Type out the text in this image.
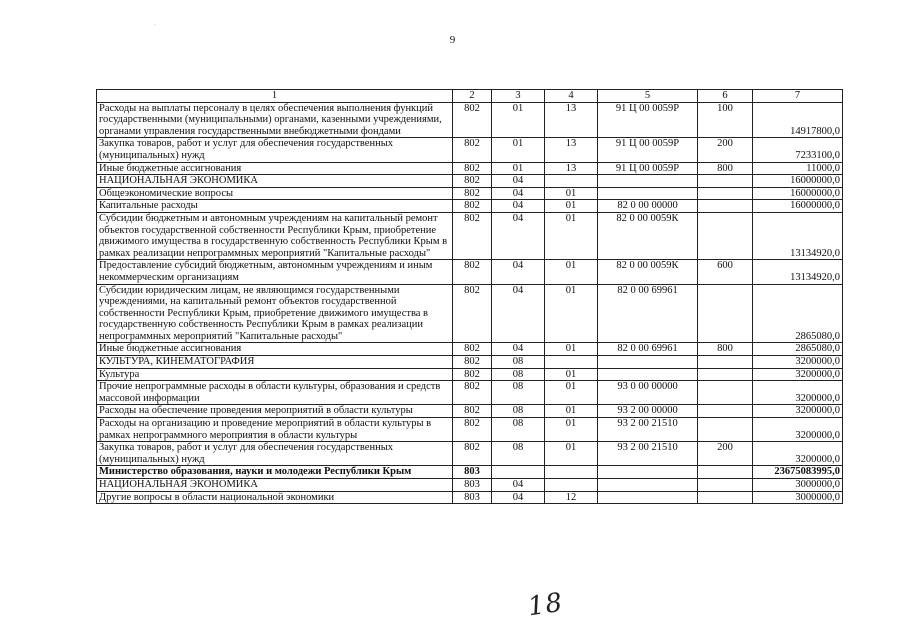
·
9
1	2	3	4	5	6	7
Расходы на выплаты персоналу в целях обеспечения выполнения функций государственными (муниципальными) органами, казенными учреждениями, органами управления государственными внебюджетными фондами	802	01	13	91 Ц 00 0059Р	100	14917800,0
Закупка товаров, работ и услуг для обеспечения государственных (муниципальных) нужд	802	01	13	91 Ц 00 0059Р	200	7233100,0
Иные бюджетные ассигнования	802	01	13	91 Ц 00 0059Р	800	11000,0
НАЦИОНАЛЬНАЯ ЭКОНОМИКА	802	04				16000000,0
Общеэкономические вопросы	802	04	01			16000000,0
Капитальные расходы	802	04	01	82 0 00 00000		16000000,0
Субсидии бюджетным и автономным учреждениям на капитальный ремонт объектов государственной собственности Республики Крым, приобретение движимого имущества в государственную собственность Республики Крым в рамках реализации непрограммных мероприятий "Капитальные расходы"	802	04	01	82 0 00 0059К		13134920,0
Предоставление субсидий бюджетным, автономным учреждениям и иным некоммерческим организациям	802	04	01	82 0 00 0059К	600	13134920,0
Субсидии юридическим лицам, не являющимся государственными учреждениями, на капитальный ремонт объектов государственной собственности Республики Крым, приобретение движимого имущества в государственную собственность Республики Крым в рамках реализации непрограммных мероприятий "Капитальные расходы"	802	04	01	82 0 00 69961		2865080,0
Иные бюджетные ассигнования	802	04	01	82 0 00 69961	800	2865080,0
КУЛЬТУРА, КИНЕМАТОГРАФИЯ	802	08				3200000,0
Культура	802	08	01			3200000,0
Прочие непрограммные расходы в области культуры, образования и средств массовой информации	802	08	01	93 0 00 00000		3200000,0
Расходы на обеспечение проведения мероприятий в области культуры	802	08	01	93 2 00 00000		3200000,0
Расходы на организацию и проведение мероприятий в области культуры в рамках непрограммного мероприятия в области культуры	802	08	01	93 2 00 21510		3200000,0
Закупка товаров, работ и услуг для обеспечения государственных (муниципальных) нужд	802	08	01	93 2 00 21510	200	3200000,0
Министерство образования, науки и молодежи Республики Крым	803					23675083995,0
НАЦИОНАЛЬНАЯ ЭКОНОМИКА	803	04				3000000,0
Другие вопросы в области национальной экономики	803	04	12			3000000,0
18
